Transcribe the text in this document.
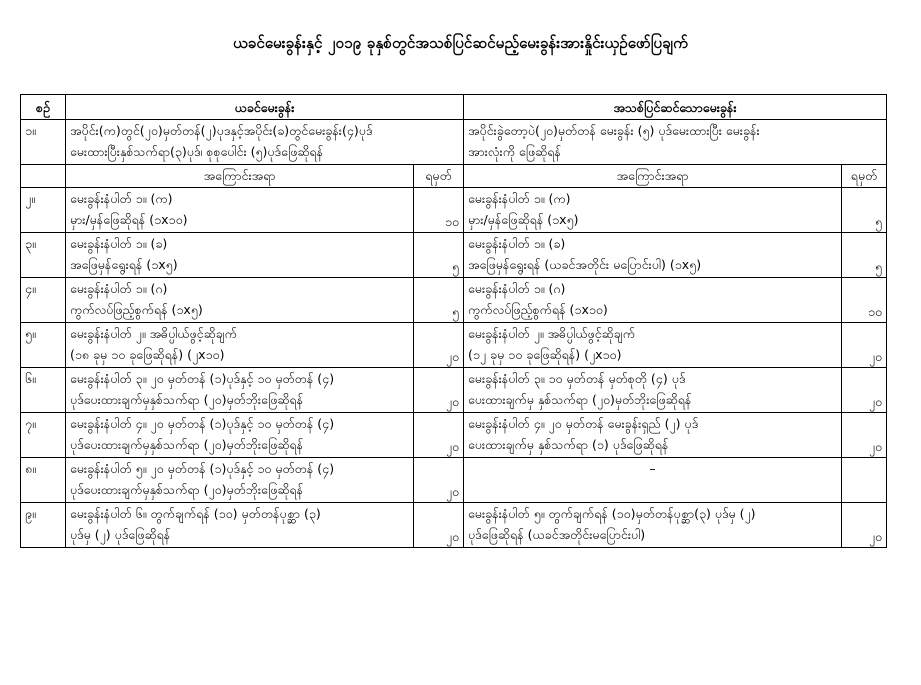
ယခင်မေးခွန်းနှင့် ၂၀၁၉ ခုနှစ်တွင်အသစ်ပြင်ဆင်မည့်မေးခွန်းအားနှိုင်းယှဉ်ဖော်ပြချက်
စဉ်	ယခင်မေးခွန်း		အသစ်ပြင်ဆင်သောမေးခွန်း	
၁။	အပိုင်း(က)တွင်(၂၀)မှတ်တန်(၂)ပုဒနှင့်အပိုင်း(ခ)တွင်မေးခွန်း(၄)ပုဒ်
မေးထားပြီးနှစ်သက်ရာ(၃)ပုဒ်၊ စုစုပေါင်း (၅)ပုဒ်ဖြေဆိုရန်		အပိုင်းခွဲတော့ပဲ(၂၀)မှတ်တန် မေးခွန်း (၅) ပုဒ်မေးထားပြီး မေးခွန်း
အားလုံးကို ဖြေဆိုရန်	

	အကြောင်းအရာ	ရမှတ်	အကြောင်းအရာ	ရမှတ်
၂။	မေးခွန်းနံပါတ် ၁။ (က)
မှား/မှန်ဖြေဆိုရန် (၁x၁၀)	၁၀	မေးခွန်းနံပါတ် ၁။ (က)
မှား/မှန်ဖြေဆိုရန် (၁x၅)	၅
၃။	မေးခွန်းနံပါတ် ၁။ (ခ)
အဖြေမှန်ရွေးရန် (၁x၅)	၅	မေးခွန်းနံပါတ် ၁။ (ခ)
အဖြေမှန်ရွေးရန် (ယခင်အတိုင်း မပြောင်းပါ) (၁x၅)	၅
၄။	မေးခွန်းနံပါတ် ၁။ (ဂ)
ကွက်လပ်ဖြည့်စွက်ရန် (၁x၅)	၅	မေးခွန်းနံပါတ် ၁။ (ဂ)
ကွက်လပ်ဖြည့်စွက်ရန် (၁x၁၀)	၁၀
၅။	မေးခွန်းနံပါတ် ၂။ အဓိပ္ပါယ်ဖွင့်ဆိုချက်
(၁၈ ခုမှ ၁၀ ခုဖြေဆိုရန်) (၂x၁၀)	၂၀	မေးခွန်းနံပါတ် ၂။ အဓိပ္ပါယ်ဖွင့်ဆိုချက်
(၁၂ ခုမှ ၁၀ ခုဖြေဆိုရန်) (၂x၁၀)	၂၀
၆။	မေးခွန်းနံပါတ် ၃။ ၂၀ မှတ်တန် (၁)ပုဒ်နှင့် ၁၀ မှတ်တန် (၄)
ပုဒ်ပေးထားချက်မှနှစ်သက်ရာ (၂၀)မှတ်ဘိုးဖြေဆိုရန်	၂၀	မေးခွန်းနံပါတ် ၃။ ၁၀ မှတ်တန် မှတ်စုတို (၄) ပုဒ်
ပေးထားချက်မှ နှစ်သက်ရာ (၂၀)မှတ်ဘိုးဖြေဆိုရန်	၂၀
၇။	မေးခွန်းနံပါတ် ၄။ ၂၀ မှတ်တန် (၁)ပုဒ်နှင့် ၁၀ မှတ်တန် (၄)
ပုဒ်ပေးထားချက်မှနှစ်သက်ရာ (၂၀)မှတ်ဘိုးဖြေဆိုရန်	၂၀	မေးခွန်းနံပါတ် ၄။ ၂၀ မှတ်တန် မေးခွန်းရှည် (၂) ပုဒ်
ပေးထားချက်မှ နှစ်သက်ရာ (၁) ပုဒ်ဖြေဆိုရန်	၂၀
၈။	မေးခွန်းနံပါတ် ၅။ ၂၀ မှတ်တန် (၁)ပုဒ်နှင့် ၁၀ မှတ်တန် (၄)
ပုဒ်ပေးထားချက်မှနှစ်သက်ရာ (၂၀)မှတ်ဘိုးဖြေဆိုရန်	၂၀	–	

၉။	မေးခွန်းနံပါတ် ၆။ တွက်ချက်ရန် (၁၀) မှတ်တန်ပုစ္ဆာ (၃)
ပုဒ်မှ (၂) ပုဒ်ဖြေဆိုရန်	၂၀	မေးခွန်းနံပါတ် ၅။ တွက်ချက်ရန် (၁၀)မှတ်တန်ပုစ္ဆာ(၃) ပုဒ်မှ (၂)
ပုဒ်ဖြေဆိုရန် (ယခင်အတိုင်းမပြောင်းပါ)	၂၀
